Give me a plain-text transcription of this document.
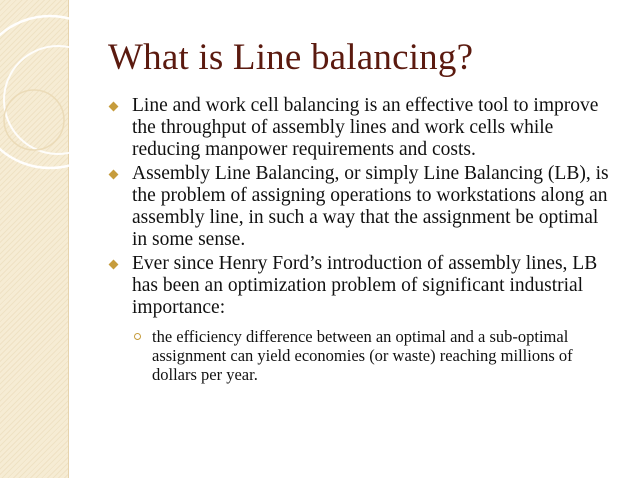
What is Line balancing?
Line and work cell balancing is an effective tool to improve the throughput of assembly lines and work cells while reducing manpower requirements and costs.
Assembly Line Balancing, or simply Line Balancing (LB), is the problem of assigning operations to workstations along an assembly line, in such a way that the assignment be optimal in some sense.
Ever since Henry Ford’s introduction of assembly lines, LB has been an optimization problem of significant industrial importance:
the efficiency difference between an optimal and a sub-optimal assignment can yield economies (or waste) reaching millions of dollars per year.
